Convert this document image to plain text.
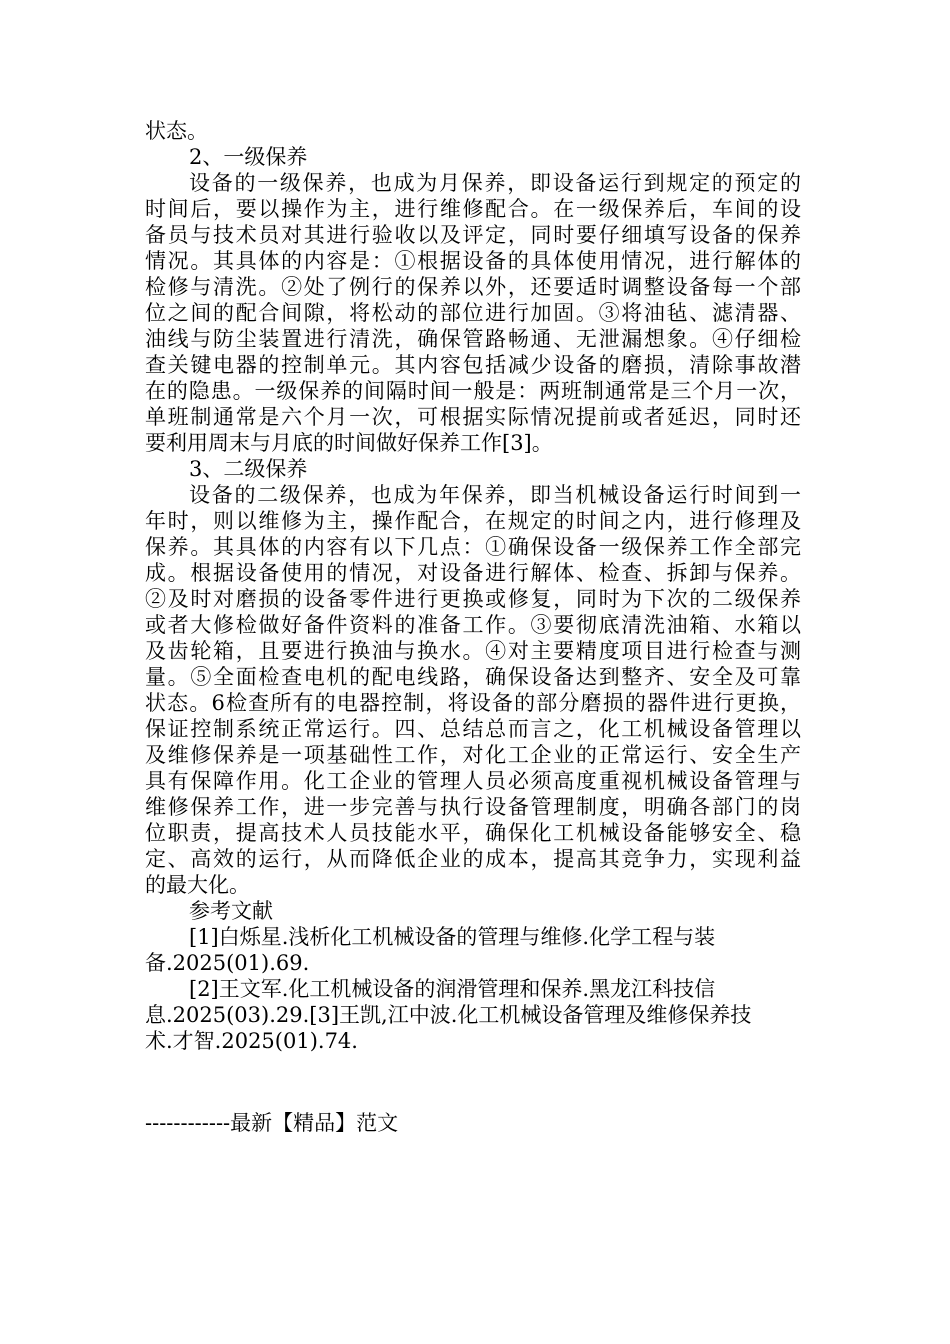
状态。
2、一级保养
设备的一级保养，也成为月保养，即设备运行到规定的预定的
时间后，要以操作为主，进行维修配合。在一级保养后，车间的设
备员与技术员对其进行验收以及评定，同时要仔细填写设备的保养
情况。其具体的内容是：①根据设备的具体使用情况，进行解体的
检修与清洗。②处了例行的保养以外，还要适时调整设备每一个部
位之间的配合间隙，将松动的部位进行加固。③将油毡、滤清器、
油线与防尘装置进行清洗，确保管路畅通、无泄漏想象。④仔细检
查关键电器的控制单元。其内容包括减少设备的磨损，清除事故潜
在的隐患。一级保养的间隔时间一般是：两班制通常是三个月一次，
单班制通常是六个月一次，可根据实际情况提前或者延迟，同时还
要利用周末与月底的时间做好保养工作[3]。
3、二级保养
设备的二级保养，也成为年保养，即当机械设备运行时间到一
年时，则以维修为主，操作配合，在规定的时间之内，进行修理及
保养。其具体的内容有以下几点：①确保设备一级保养工作全部完
成。根据设备使用的情况，对设备进行解体、检查、拆卸与保养。
②及时对磨损的设备零件进行更换或修复，同时为下次的二级保养
或者大修检做好备件资料的准备工作。③要彻底清洗油箱、水箱以
及齿轮箱，且要进行换油与换水。④对主要精度项目进行检查与测
量。⑤全面检查电机的配电线路，确保设备达到整齐、安全及可靠
状态。6检查所有的电器控制，将设备的部分磨损的器件进行更换，
保证控制系统正常运行。四、总结总而言之，化工机械设备管理以
及维修保养是一项基础性工作，对化工企业的正常运行、安全生产
具有保障作用。化工企业的管理人员必须高度重视机械设备管理与
维修保养工作，进一步完善与执行设备管理制度，明确各部门的岗
位职责，提高技术人员技能水平，确保化工机械设备能够安全、稳
定、高效的运行，从而降低企业的成本，提高其竞争力，实现利益
的最大化。
参考文献
[1]白烁星.浅析化工机械设备的管理与维修.化学工程与装
备.2025(01).69.
[2]王文军.化工机械设备的润滑管理和保养.黑龙江科技信
息.2025(03).29.[3]王凯,江中波.化工机械设备管理及维修保养技
术.才智.2025(01).74.
------------最新【精品】范文
